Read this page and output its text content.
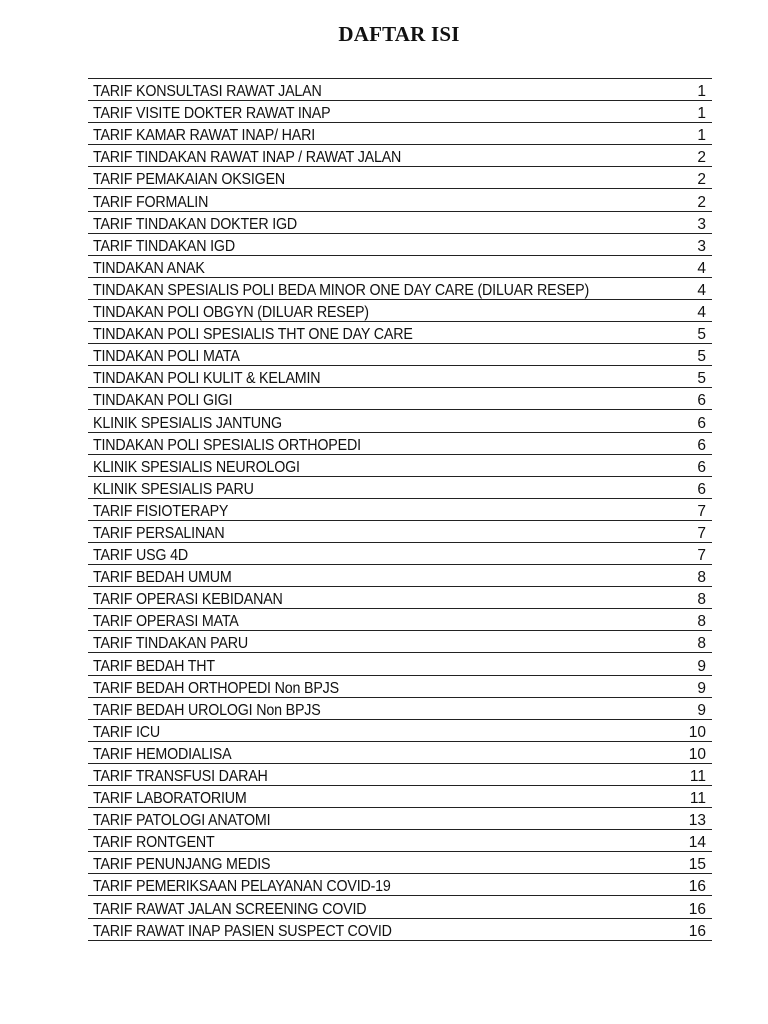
DAFTAR ISI
TARIF KONSULTASI RAWAT JALAN	1
TARIF VISITE DOKTER RAWAT INAP	1
TARIF KAMAR RAWAT INAP/ HARI	1
TARIF TINDAKAN RAWAT INAP / RAWAT JALAN	2
TARIF PEMAKAIAN OKSIGEN	2
TARIF FORMALIN	2
TARIF TINDAKAN DOKTER IGD	3
TARIF TINDAKAN IGD	3
TINDAKAN ANAK	4
TINDAKAN SPESIALIS POLI BEDA MINOR ONE DAY CARE (DILUAR RESEP)	4
TINDAKAN POLI OBGYN (DILUAR RESEP)	4
TINDAKAN POLI SPESIALIS THT ONE DAY CARE	5
TINDAKAN POLI MATA	5
TINDAKAN POLI KULIT & KELAMIN	5
TINDAKAN POLI GIGI	6
KLINIK SPESIALIS JANTUNG	6
TINDAKAN POLI SPESIALIS ORTHOPEDI	6
KLINIK SPESIALIS NEUROLOGI	6
KLINIK SPESIALIS PARU	6
TARIF FISIOTERAPY	7
TARIF PERSALINAN	7
TARIF USG 4D	7
TARIF BEDAH UMUM	8
TARIF OPERASI KEBIDANAN	8
TARIF OPERASI MATA	8
TARIF TINDAKAN PARU	8
TARIF BEDAH THT	9
TARIF BEDAH ORTHOPEDI Non BPJS	9
TARIF BEDAH UROLOGI Non BPJS	9
TARIF ICU	10
TARIF HEMODIALISA	10
TARIF TRANSFUSI DARAH	11
TARIF LABORATORIUM	11
TARIF PATOLOGI ANATOMI	13
TARIF RONTGENT	14
TARIF PENUNJANG MEDIS	15
TARIF PEMERIKSAAN PELAYANAN COVID-19	16
TARIF RAWAT JALAN SCREENING COVID	16
TARIF RAWAT INAP PASIEN SUSPECT COVID	16
